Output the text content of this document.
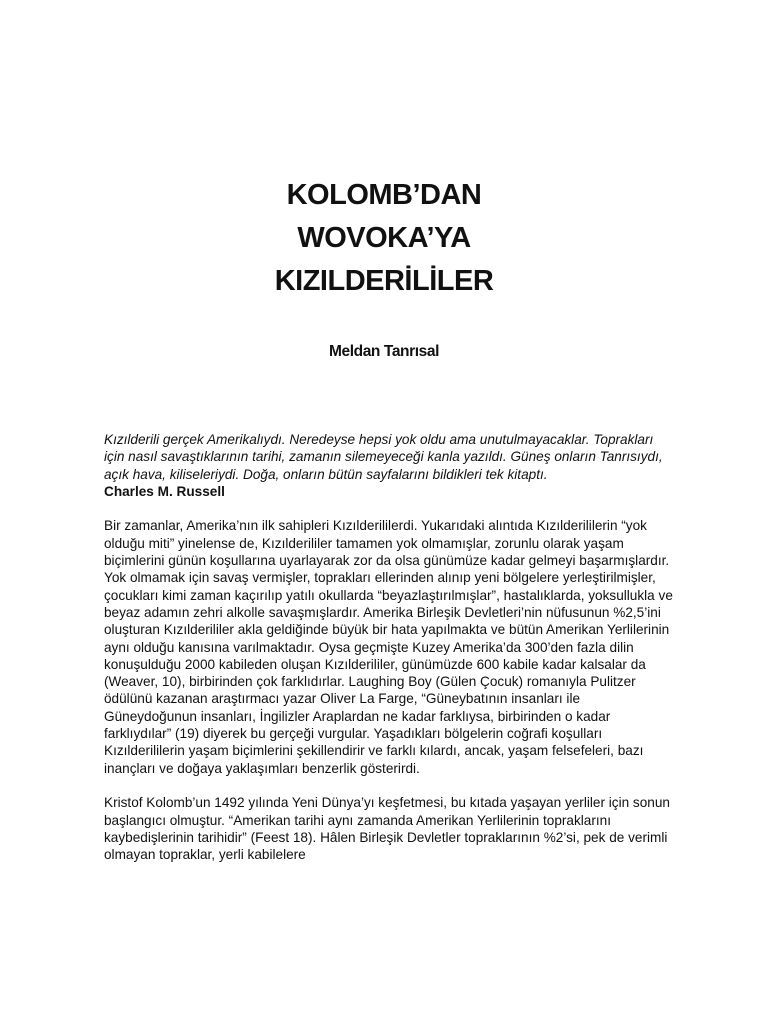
KOLOMB’DAN
WOVOKA’YA
KIZILDERİLİLER

Meldan Tanrısal

Kızılderili gerçek Amerikalıydı. Neredeyse hepsi yok oldu ama unutulmayacaklar. Toprakları için nasıl savaştıklarının tarihi, zamanın silemeyeceği kanla yazıldı. Güneş onların Tanrısıydı, açık hava, kiliseleriydi. Doğa, onların bütün sayfalarını bildikleri tek kitaptı.

Charles M. Russell

Bir zamanlar, Amerika’nın ilk sahipleri Kızılderililerdi. Yukarıdaki alıntıda Kızılderililerin “yok olduğu miti” yinelense de, Kızılderililer tamamen yok olmamışlar, zorunlu olarak yaşam biçimlerini günün koşullarına uyarlayarak zor da olsa günümüze kadar gelmeyi başarmışlardır. Yok olmamak için savaş vermişler, toprakları ellerinden alınıp yeni bölgelere yerleştirilmişler, çocukları kimi zaman kaçırılıp yatılı okullarda “beyazlaştırılmışlar”, hastalıklarda, yoksullukla ve beyaz adamın zehri alkolle savaşmışlardır. Amerika Birleşik Devletleri’nin nüfusunun %2,5’ini oluşturan Kızılderililer akla geldiğinde büyük bir hata yapılmakta ve bütün Amerikan Yerlilerinin aynı olduğu kanısına varılmaktadır. Oysa geçmişte Kuzey Amerika’da 300’den fazla dilin konuşulduğu 2000 kabileden oluşan Kızılderililer, günümüzde 600 kabile kadar kalsalar da (Weaver, 10), birbirinden çok farklıdırlar. Laughing Boy (Gülen Çocuk) romanıyla Pulitzer ödülünü kazanan araştırmacı yazar Oliver La Farge, “Güneybatının insanları ile Güneydoğunun insanları, İngilizler Araplardan ne kadar farklıysa, birbirinden o kadar farklıydılar” (19) diyerek bu gerçeği vurgular. Yaşadıkları bölgelerin coğrafi koşulları Kızılderililerin yaşam biçimlerini şekillendirir ve farklı kılardı, ancak, yaşam felsefeleri, bazı inançları ve doğaya yaklaşımları benzerlik gösterirdi.

Kristof Kolomb’un 1492 yılında Yeni Dünya’yı keşfetmesi, bu kıtada yaşayan yerliler için sonun başlangıcı olmuştur. “Amerikan tarihi aynı zamanda Amerikan Yerlilerinin topraklarını kaybedişlerinin tarihidir” (Feest 18). Hâlen Birleşik Devletler topraklarının %2’si, pek de verimli olmayan topraklar, yerli kabilelere
